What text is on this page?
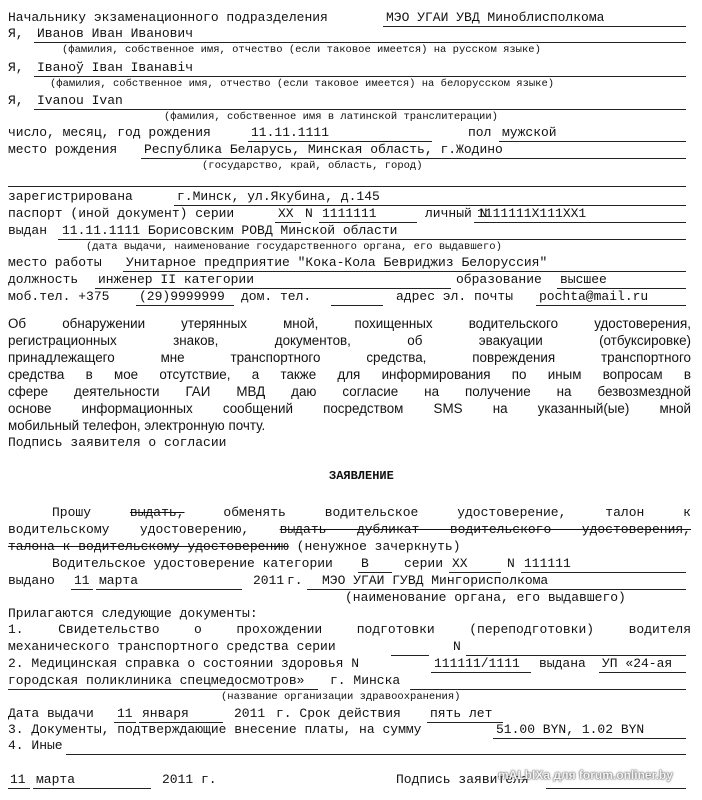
Начальнику экзаменационного подразделения	МЭО УГАИ УВД Миноблисполкома
Я, Иванов Иван Иванович
(фамилия, собственное имя, отчество (если таковое имеется) на русском языке)
Я, Іваноў Іван Іванавіч
(фамилия, собственное имя, отчество (если таковое имеется) на белорусском языке)
Я, Ivanou Ivan
(фамилия, собственное имя в латинской транслитерации)
число, месяц, год рождения	11.11.1111	пол мужской
место рождения Республика Беларусь, Минская область, г.Жодино
(государство, край, область, город)
зарегистрирована	г.Минск, ул.Якубина, д.145
паспорт (иной документ) серии	ХХ N 1111111	личный N
1111111Х111ХХ1
выдан 11.11.1111 Борисовским РОВД Минской области
(дата выдачи, наименование государственного органа, его выдавшего)
место работы Унитарное предприятие "Кока-Кола Бевриджиз Белоруссия"
должность инженер II категории	образование высшее
моб.тел. +375 (29)9999999 дом. тел.	адрес эл. почты pochta@mail.ru
Об обнаружении утерянных мной, похищенных водительского удостоверения,
регистрационных знаков, документов, об эвакуации (отбуксировке)
принадлежащего мне транспортного средства, повреждения транспортного
средства в мое отсутствие, а также для информирования по иным вопросам в
сфере деятельности ГАИ МВД даю согласие на получение на безвозмездной
основе информационных сообщений посредством SMS на указанный(ые) мной
мобильный телефон, электронную почту.
Подпись заявителя о согласии
ЗАЯВЛЕНИЕ
Прошу	выдать,	обменять водительское удостоверение, талон к
водительскому удостоверению, выдать дубликат водительского удостоверения,
талона к водительскому удостоверению (ненужное зачеркнуть)
Водительское удостоверение категории В	серии ХХ	N 111111
выдано 11 марта	2011 г. МЭО УГАИ ГУВД Мингорисполкома
(наименование органа, его выдавшего)
Прилагаются следующие документы:
1. Свидетельство о прохождении подготовки (переподготовки) водителя
механического транспортного средства серии	N
2. Медицинская справка о состоянии здоровья N	111111/1111 выдана УП «24-ая
городская поликлиника спецмедосмотров» г. Минска
(название организации здравоохранения)
Дата выдачи 11 января	2011 г. Срок действия пять лет
3. Документы, подтверждающие внесение платы, на сумму	51.00 BYN, 1.02 BYN
4. Иные
11 марта	2011 г.	Подпись заявителя
mALbIXa для forum.onliner.by
